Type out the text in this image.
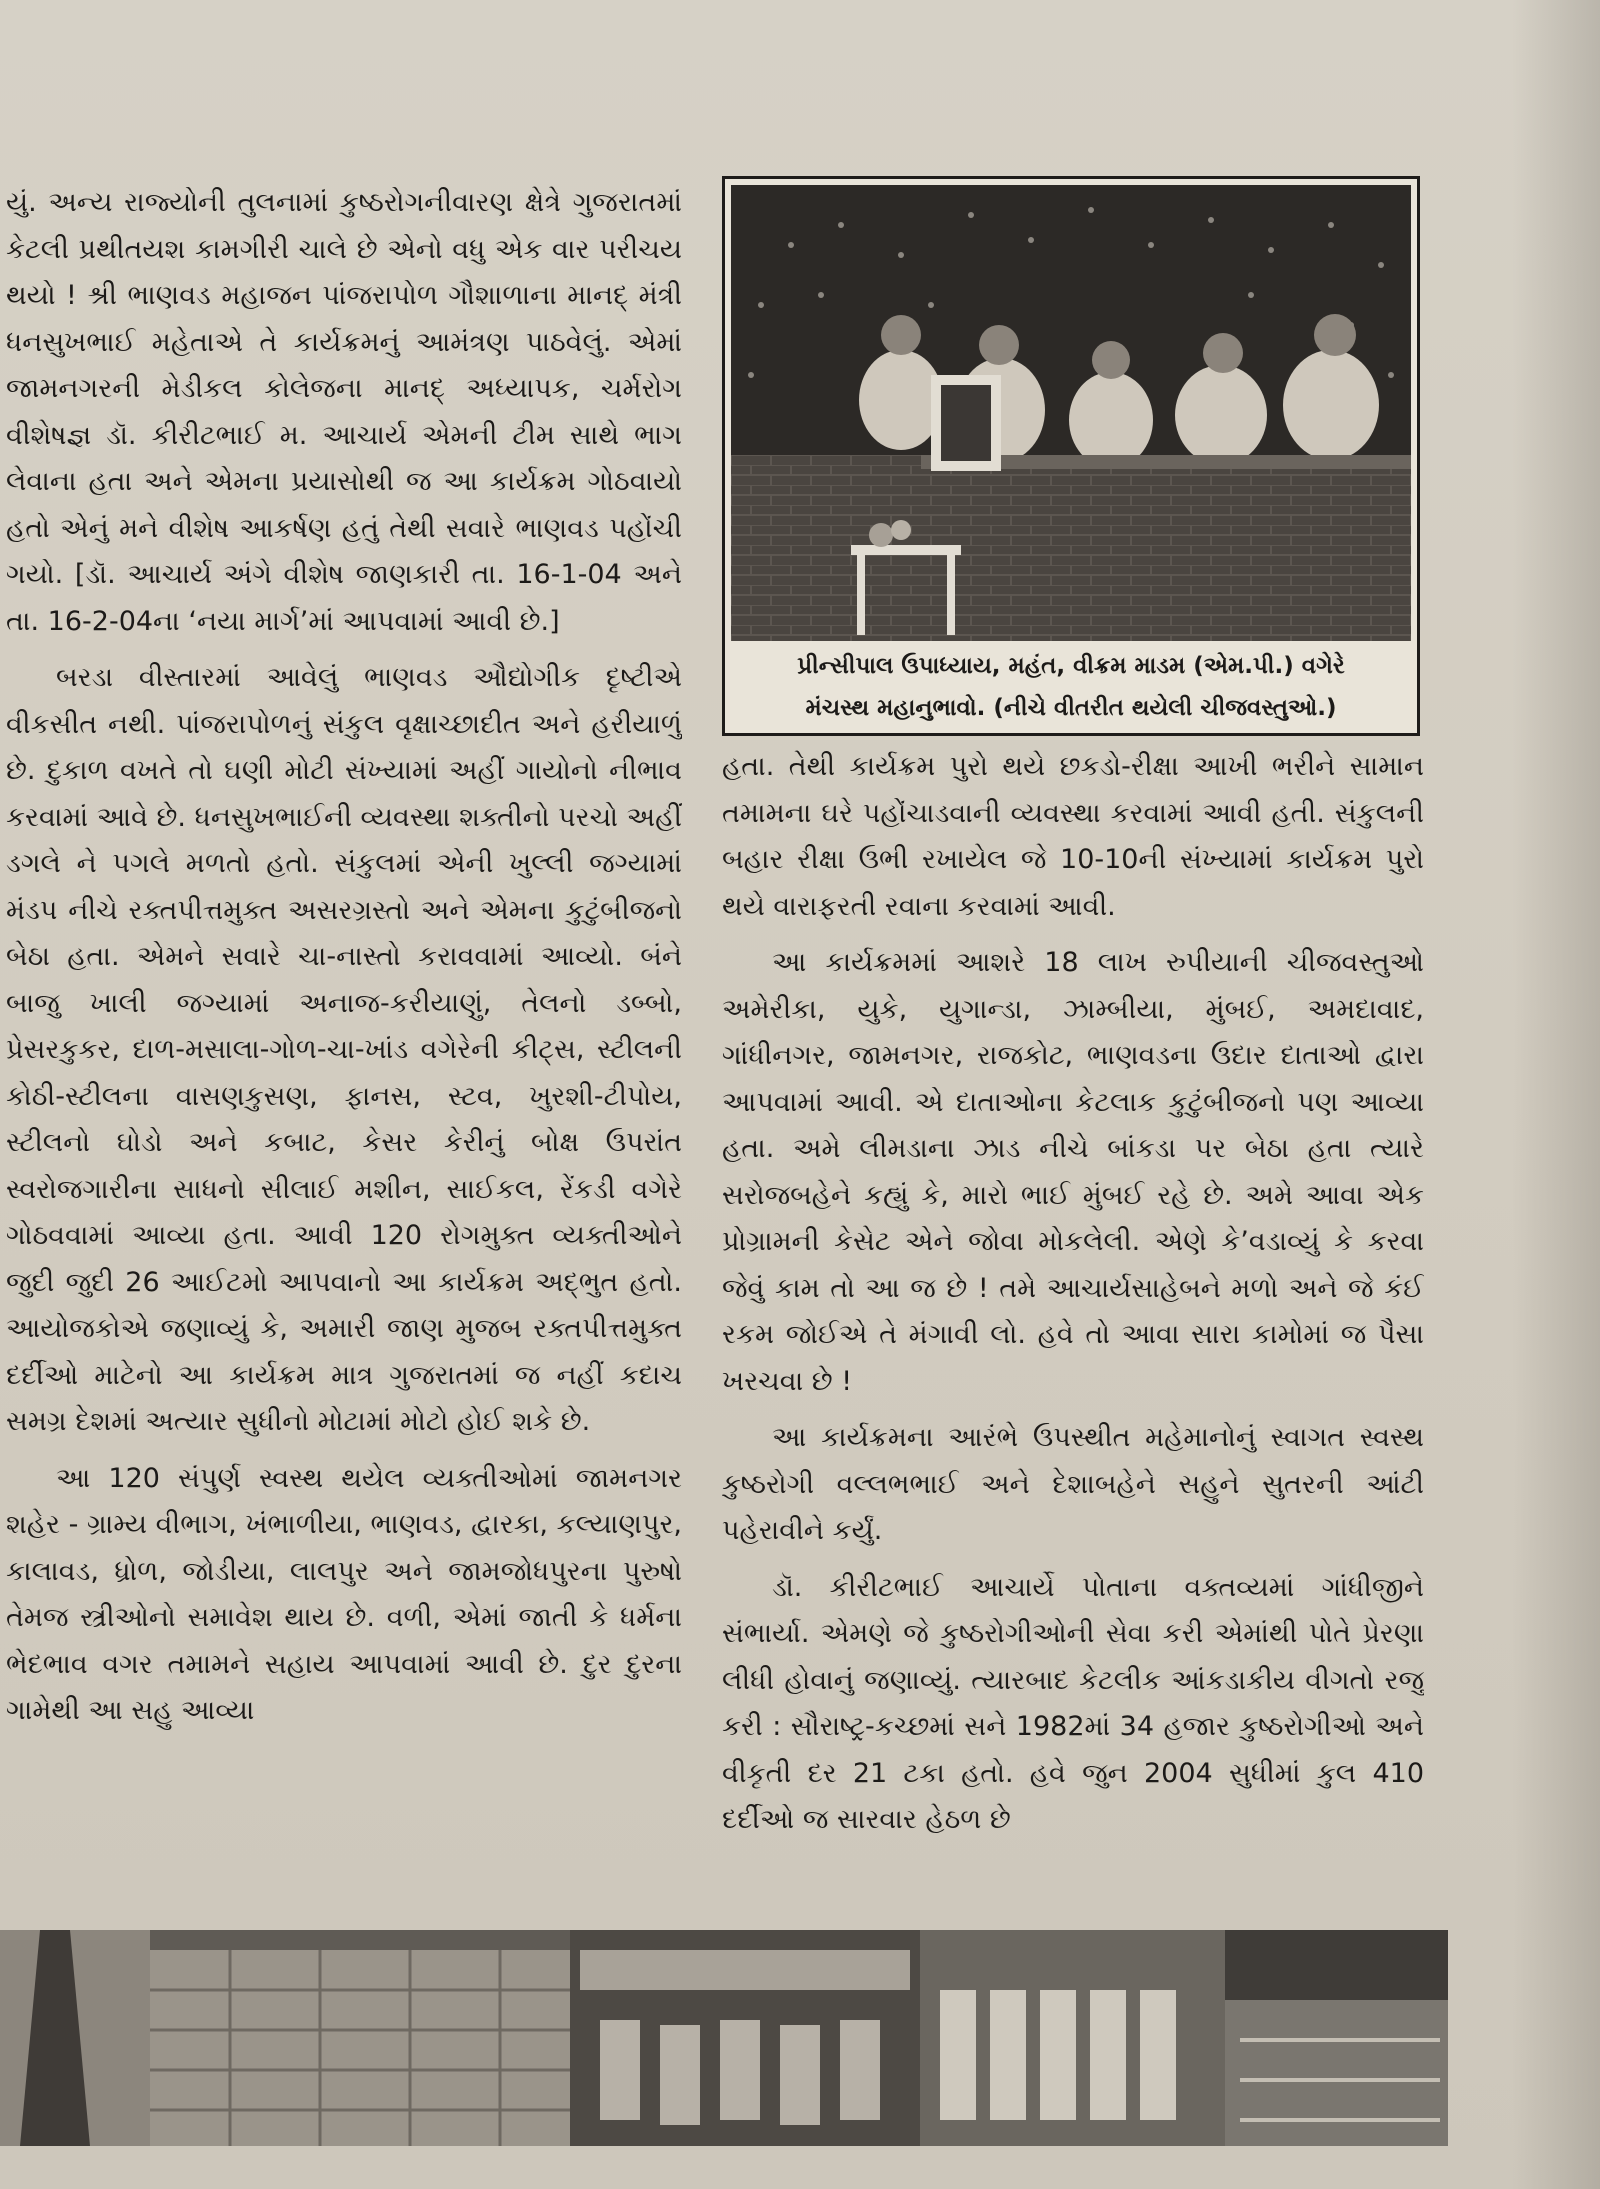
યું. અન્ય રાજ્યોની તુલનામાં કુષ્ઠરોગનીવારણ ક્ષેત્રે ગુજરાતમાં કેટલી પ્રથીતયશ કામગીરી ચાલે છે એનો વધુ એક વાર પરીચય થયો ! શ્રી ભાણવડ મહાજન પાંજરાપોળ ગૌશાળાના માનદ્ મંત્રી ધનસુખભાઈ મહેતાએ તે કાર્યક્રમનું આમંત્રણ પાઠવેલું. એમાં જામનગરની મેડીકલ કોલેજના માનદ્ અધ્યાપક, ચર્મરોગ વીશેષજ્ઞ ડૉ. કીરીટભાઈ મ. આચાર્ય એમની ટીમ સાથે ભાગ લેવાના હતા અને એમના પ્રયાસોથી જ આ કાર્યક્રમ ગોઠવાયો હતો એનું મને વીશેષ આકર્ષણ હતું તેથી સવારે ભાણવડ પહોંચી ગયો. [ડૉ. આચાર્ય અંગે વીશેષ જાણકારી તા. 16-1-04 અને તા. 16-2-04ના ‘નયા માર્ગ’માં આપવામાં આવી છે.]

બરડા વીસ્તારમાં આવેલું ભાણવડ ઔદ્યોગીક દૃષ્ટીએ વીકસીત નથી. પાંજરાપોળનું સંકુલ વૃક્ષાચ્છાદીત અને હરીયાળું છે. દુકાળ વખતે તો ઘણી મોટી સંખ્યામાં અહીં ગાયોનો નીભાવ કરવામાં આવે છે. ધનસુખભાઈની વ્યવસ્થા શક્તીનો પરચો અહીં ડગલે ને પગલે મળતો હતો. સંકુલમાં એની ખુલ્લી જગ્યામાં મંડપ નીચે રક્તપીત્તમુક્ત અસરગ્રસ્તો અને એમના કુટુંબીજનો બેઠા હતા. એમને સવારે ચા-નાસ્તો કરાવવામાં આવ્યો. બંને બાજુ ખાલી જગ્યામાં અનાજ-કરીયાણું, તેલનો ડબ્બો, પ્રેસરકુકર, દાળ-મસાલા-ગોળ-ચા-ખાંડ વગેરેની કીટ્સ, સ્ટીલની કોઠી-સ્ટીલના વાસણકુસણ, ફાનસ, સ્ટવ, ખુરશી-ટીપોય, સ્ટીલનો ઘોડો અને કબાટ, કેસર કેરીનું બોક્ષ ઉપરાંત સ્વરોજગારીના સાધનો સીલાઈ મશીન, સાઈકલ, રેંકડી વગેરે ગોઠવવામાં આવ્યા હતા. આવી 120 રોગમુક્ત વ્યક્તીઓને જુદી જુદી 26 આઈટમો આપવાનો આ કાર્યક્રમ અદ્ભુત હતો. આયોજકોએ જણાવ્યું કે, અમારી જાણ મુજબ રક્તપીત્તમુક્ત દર્દીઓ માટેનો આ કાર્યક્રમ માત્ર ગુજરાતમાં જ નહીં કદાચ સમગ્ર દેશમાં અત્યાર સુધીનો મોટામાં મોટો હોઈ શકે છે.

આ 120 સંપુર્ણ સ્વસ્થ થયેલ વ્યક્તીઓમાં જામનગર શહેર - ગ્રામ્ય વીભાગ, ખંભાળીયા, ભાણવડ, દ્વારકા, કલ્યાણપુર, કાલાવડ, ધ્રોળ, જોડીયા, લાલપુર અને જામજોધપુરના પુરુષો તેમજ સ્ત્રીઓનો સમાવેશ થાય છે. વળી, એમાં જાતી કે ધર્મના ભેદભાવ વગર તમામને સહાય આપવામાં આવી છે. દુર દુરના ગામેથી આ સહુ આવ્યા

પ્રીન્સીપાલ ઉપાધ્યાય, મહંત, વીક્રમ માડમ (એમ.પી.) વગેરે
મંચસ્થ મહાનુભાવો. (નીચે વીતરીત થયેલી ચીજવસ્તુઓ.)

હતા. તેથી કાર્યક્રમ પુરો થયે છકડો-રીક્ષા આખી ભરીને સામાન તમામના ઘરે પહોંચાડવાની વ્યવસ્થા કરવામાં આવી હતી. સંકુલની બહાર રીક્ષા ઉભી રખાયેલ જે 10-10ની સંખ્યામાં કાર્યક્રમ પુરો થયે વારાફરતી રવાના કરવામાં આવી.

આ કાર્યક્રમમાં આશરે 18 લાખ રુપીયાની ચીજવસ્તુઓ અમેરીકા, યુકે, યુગાન્ડા, ઝામ્બીયા, મુંબઈ, અમદાવાદ, ગાંધીનગર, જામનગર, રાજકોટ, ભાણવડના ઉદાર દાતાઓ દ્વારા આપવામાં આવી. એ દાતાઓના કેટલાક કુટુંબીજનો પણ આવ્યા હતા. અમે લીમડાના ઝાડ નીચે બાંકડા પર બેઠા હતા ત્યારે સરોજબહેને કહ્યું કે, મારો ભાઈ મુંબઈ રહે છે. અમે આવા એક પ્રોગ્રામની કેસેટ એને જોવા મોકલેલી. એણે કે’વડાવ્યું કે કરવા જેવું કામ તો આ જ છે ! તમે આચાર્યસાહેબને મળો અને જે કંઈ રકમ જોઈએ તે મંગાવી લો. હવે તો આવા સારા કામોમાં જ પૈસા ખરચવા છે !

આ કાર્યક્રમના આરંભે ઉપસ્થીત મહેમાનોનું સ્વાગત સ્વસ્થ કુષ્ઠરોગી વલ્લભભાઈ અને દેશાબહેને સહુને સુતરની આંટી પહેરાવીને કર્યું.

ડૉ. કીરીટભાઈ આચાર્યે પોતાના વક્તવ્યમાં ગાંધીજીને સંભાર્યા. એમણે જે કુષ્ઠરોગીઓની સેવા કરી એમાંથી પોતે પ્રેરણા લીધી હોવાનું જણાવ્યું. ત્યારબાદ કેટલીક આંકડાકીય વીગતો રજુ કરી : સૌરાષ્ટ્ર-કચ્છમાં સને 1982માં 34 હજાર કુષ્ઠરોગીઓ અને વીકૃતી દર 21 ટકા હતો. હવે જુન 2004 સુધીમાં કુલ 410 દર્દીઓ જ સારવાર હેઠળ છે
